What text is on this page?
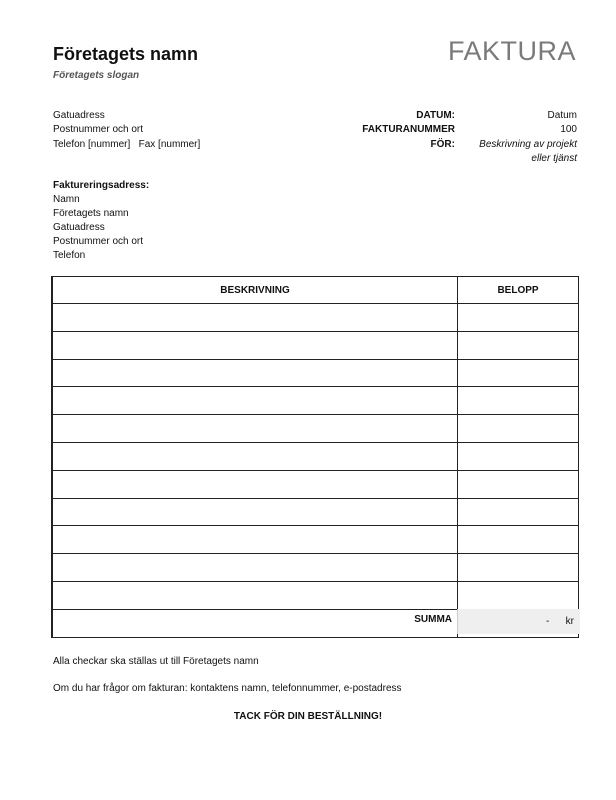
Företagets namn
Företagets slogan
FAKTURA
Gatuadress
Postnummer och ort
Telefon [nummer]   Fax [nummer]
DATUM:	Datum
FAKTURANUMMER	100
FÖR:	Beskrivning av projekt
eller tjänst
Faktureringsadress:
Namn
Företagets namn
Gatuadress
Postnummer och ort
Telefon
BESKRIVNING	BELOPP

SUMMA	- kr
Alla checkar ska ställas ut till Företagets namn
Om du har frågor om fakturan: kontaktens namn, telefonnummer, e-postadress
TACK FÖR DIN BESTÄLLNING!
